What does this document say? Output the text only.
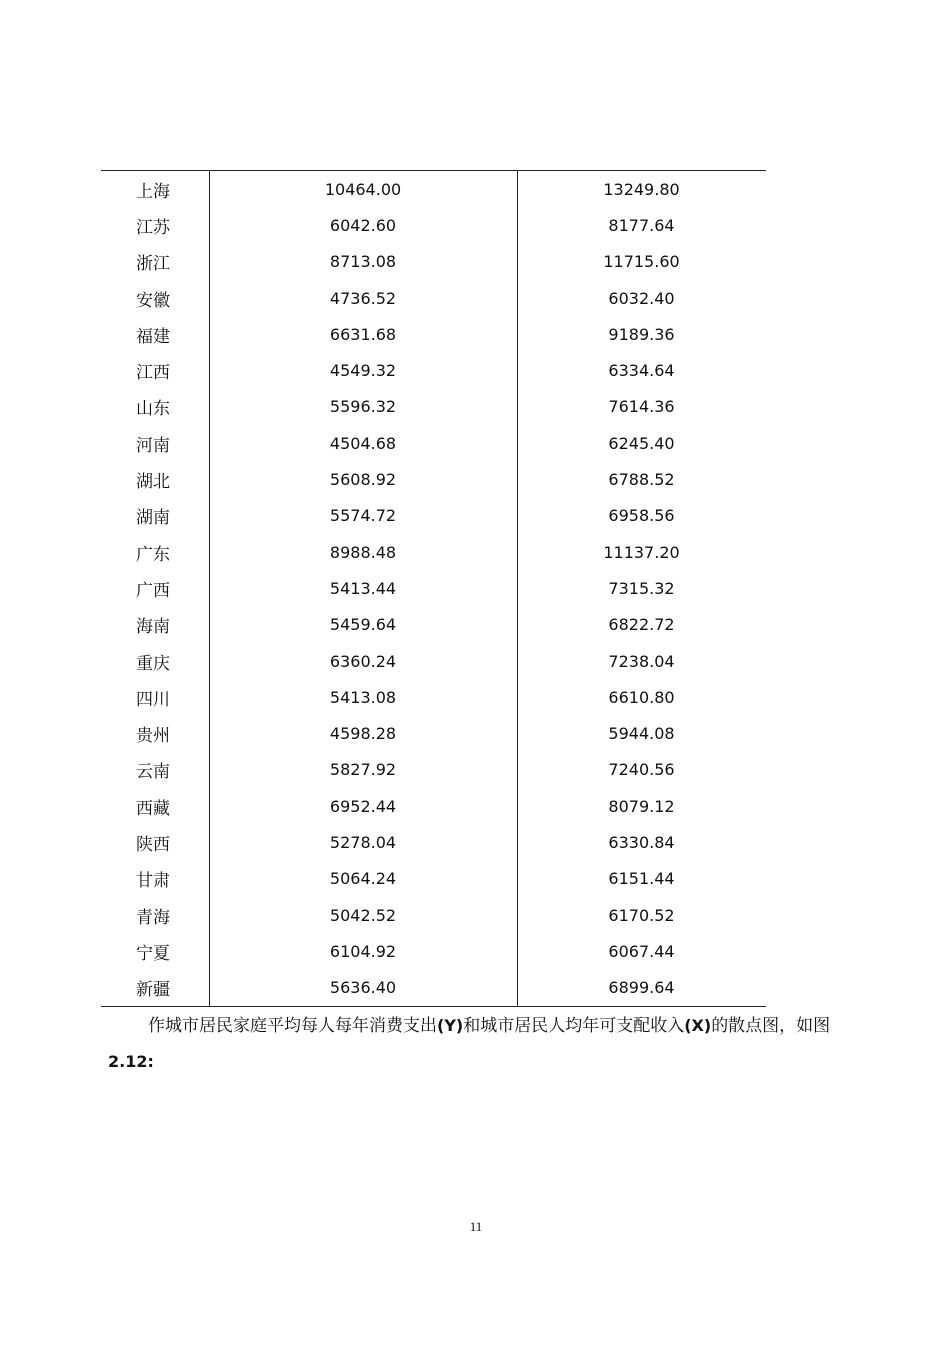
上海	10464.00	13249.80
江苏	6042.60	8177.64
浙江	8713.08	11715.60
安徽	4736.52	6032.40
福建	6631.68	9189.36
江西	4549.32	6334.64
山东	5596.32	7614.36
河南	4504.68	6245.40
湖北	5608.92	6788.52
湖南	5574.72	6958.56
广东	8988.48	11137.20
广西	5413.44	7315.32
海南	5459.64	6822.72
重庆	6360.24	7238.04
四川	5413.08	6610.80
贵州	4598.28	5944.08
云南	5827.92	7240.56
西藏	6952.44	8079.12
陕西	5278.04	6330.84
甘肃	5064.24	6151.44
青海	5042.52	6170.52
宁夏	6104.92	6067.44
新疆	5636.40	6899.64
作城市居民家庭平均每人每年消费支出(Y)和城市居民人均年可支配收入(X)的散点图，如图2.12:
11
